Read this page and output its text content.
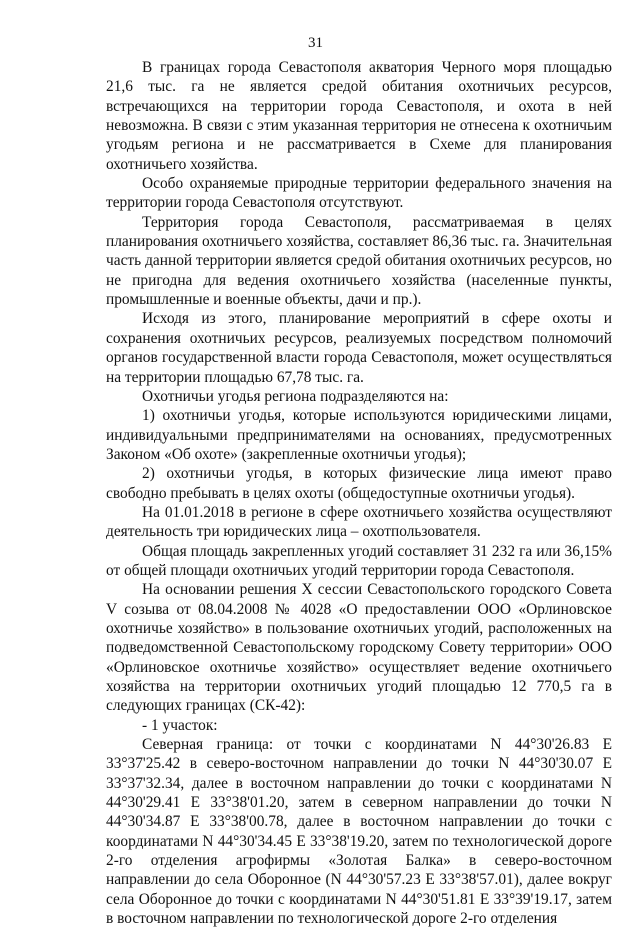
31

В границах города Севастополя акватория Черного моря площадью 21,6 тыс. га не является средой обитания охотничьих ресурсов, встречающихся на территории города Севастополя, и охота в ней невозможна. В связи с этим указанная территория не отнесена к охотничьим угодьям региона и не рассматривается в Схеме для планирования охотничьего хозяйства.

Особо охраняемые природные территории федерального значения на территории города Севастополя отсутствуют.

Территория города Севастополя, рассматриваемая в целях планирования охотничьего хозяйства, составляет 86,36 тыс. га. Значительная часть данной территории является средой обитания охотничьих ресурсов, но не пригодна для ведения охотничьего хозяйства (населенные пункты, промышленные и военные объекты, дачи и пр.).

Исходя из этого, планирование мероприятий в сфере охоты и сохранения охотничьих ресурсов, реализуемых посредством полномочий органов государственной власти города Севастополя, может осуществляться на территории площадью 67,78 тыс. га.

Охотничьи угодья региона подразделяются на:

1) охотничьи угодья, которые используются юридическими лицами, индивидуальными предпринимателями на основаниях, предусмотренных Законом «Об охоте» (закрепленные охотничьи угодья);

2) охотничьи угодья, в которых физические лица имеют право свободно пребывать в целях охоты (общедоступные охотничьи угодья).

На 01.01.2018 в регионе в сфере охотничьего хозяйства осуществляют деятельность три юридических лица – охотпользователя.

Общая площадь закрепленных угодий составляет 31 232 га или 36,15% от общей площади охотничьих угодий территории города Севастополя.

На основании решения X сессии Севастопольского городского Совета V созыва от 08.04.2008 № 4028 «О предоставлении ООО «Орлиновское охотничье хозяйство» в пользование охотничьих угодий, расположенных на подведомственной Севастопольскому городскому Совету территории» ООО «Орлиновское охотничье хозяйство» осуществляет ведение охотничьего хозяйства на территории охотничьих угодий площадью 12 770,5 га в следующих границах (СК-42):

- 1 участок:

Северная граница: от точки с координатами N 44°30'26.83 E 33°37'25.42 в северо-восточном направлении до точки N 44°30'30.07 E 33°37'32.34, далее в восточном направлении до точки с координатами N 44°30'29.41 E 33°38'01.20, затем в северном направлении до точки N 44°30'34.87 E 33°38'00.78, далее в восточном направлении до точки с координатами N 44°30'34.45 E 33°38'19.20, затем по технологической дороге 2-го отделения агрофирмы «Золотая Балка» в северо-восточном направлении до села Оборонное (N 44°30'57.23 E 33°38'57.01), далее вокруг села Оборонное до точки с координатами N 44°30'51.81 E 33°39'19.17, затем в восточном направлении по технологической дороге 2-го отделения
